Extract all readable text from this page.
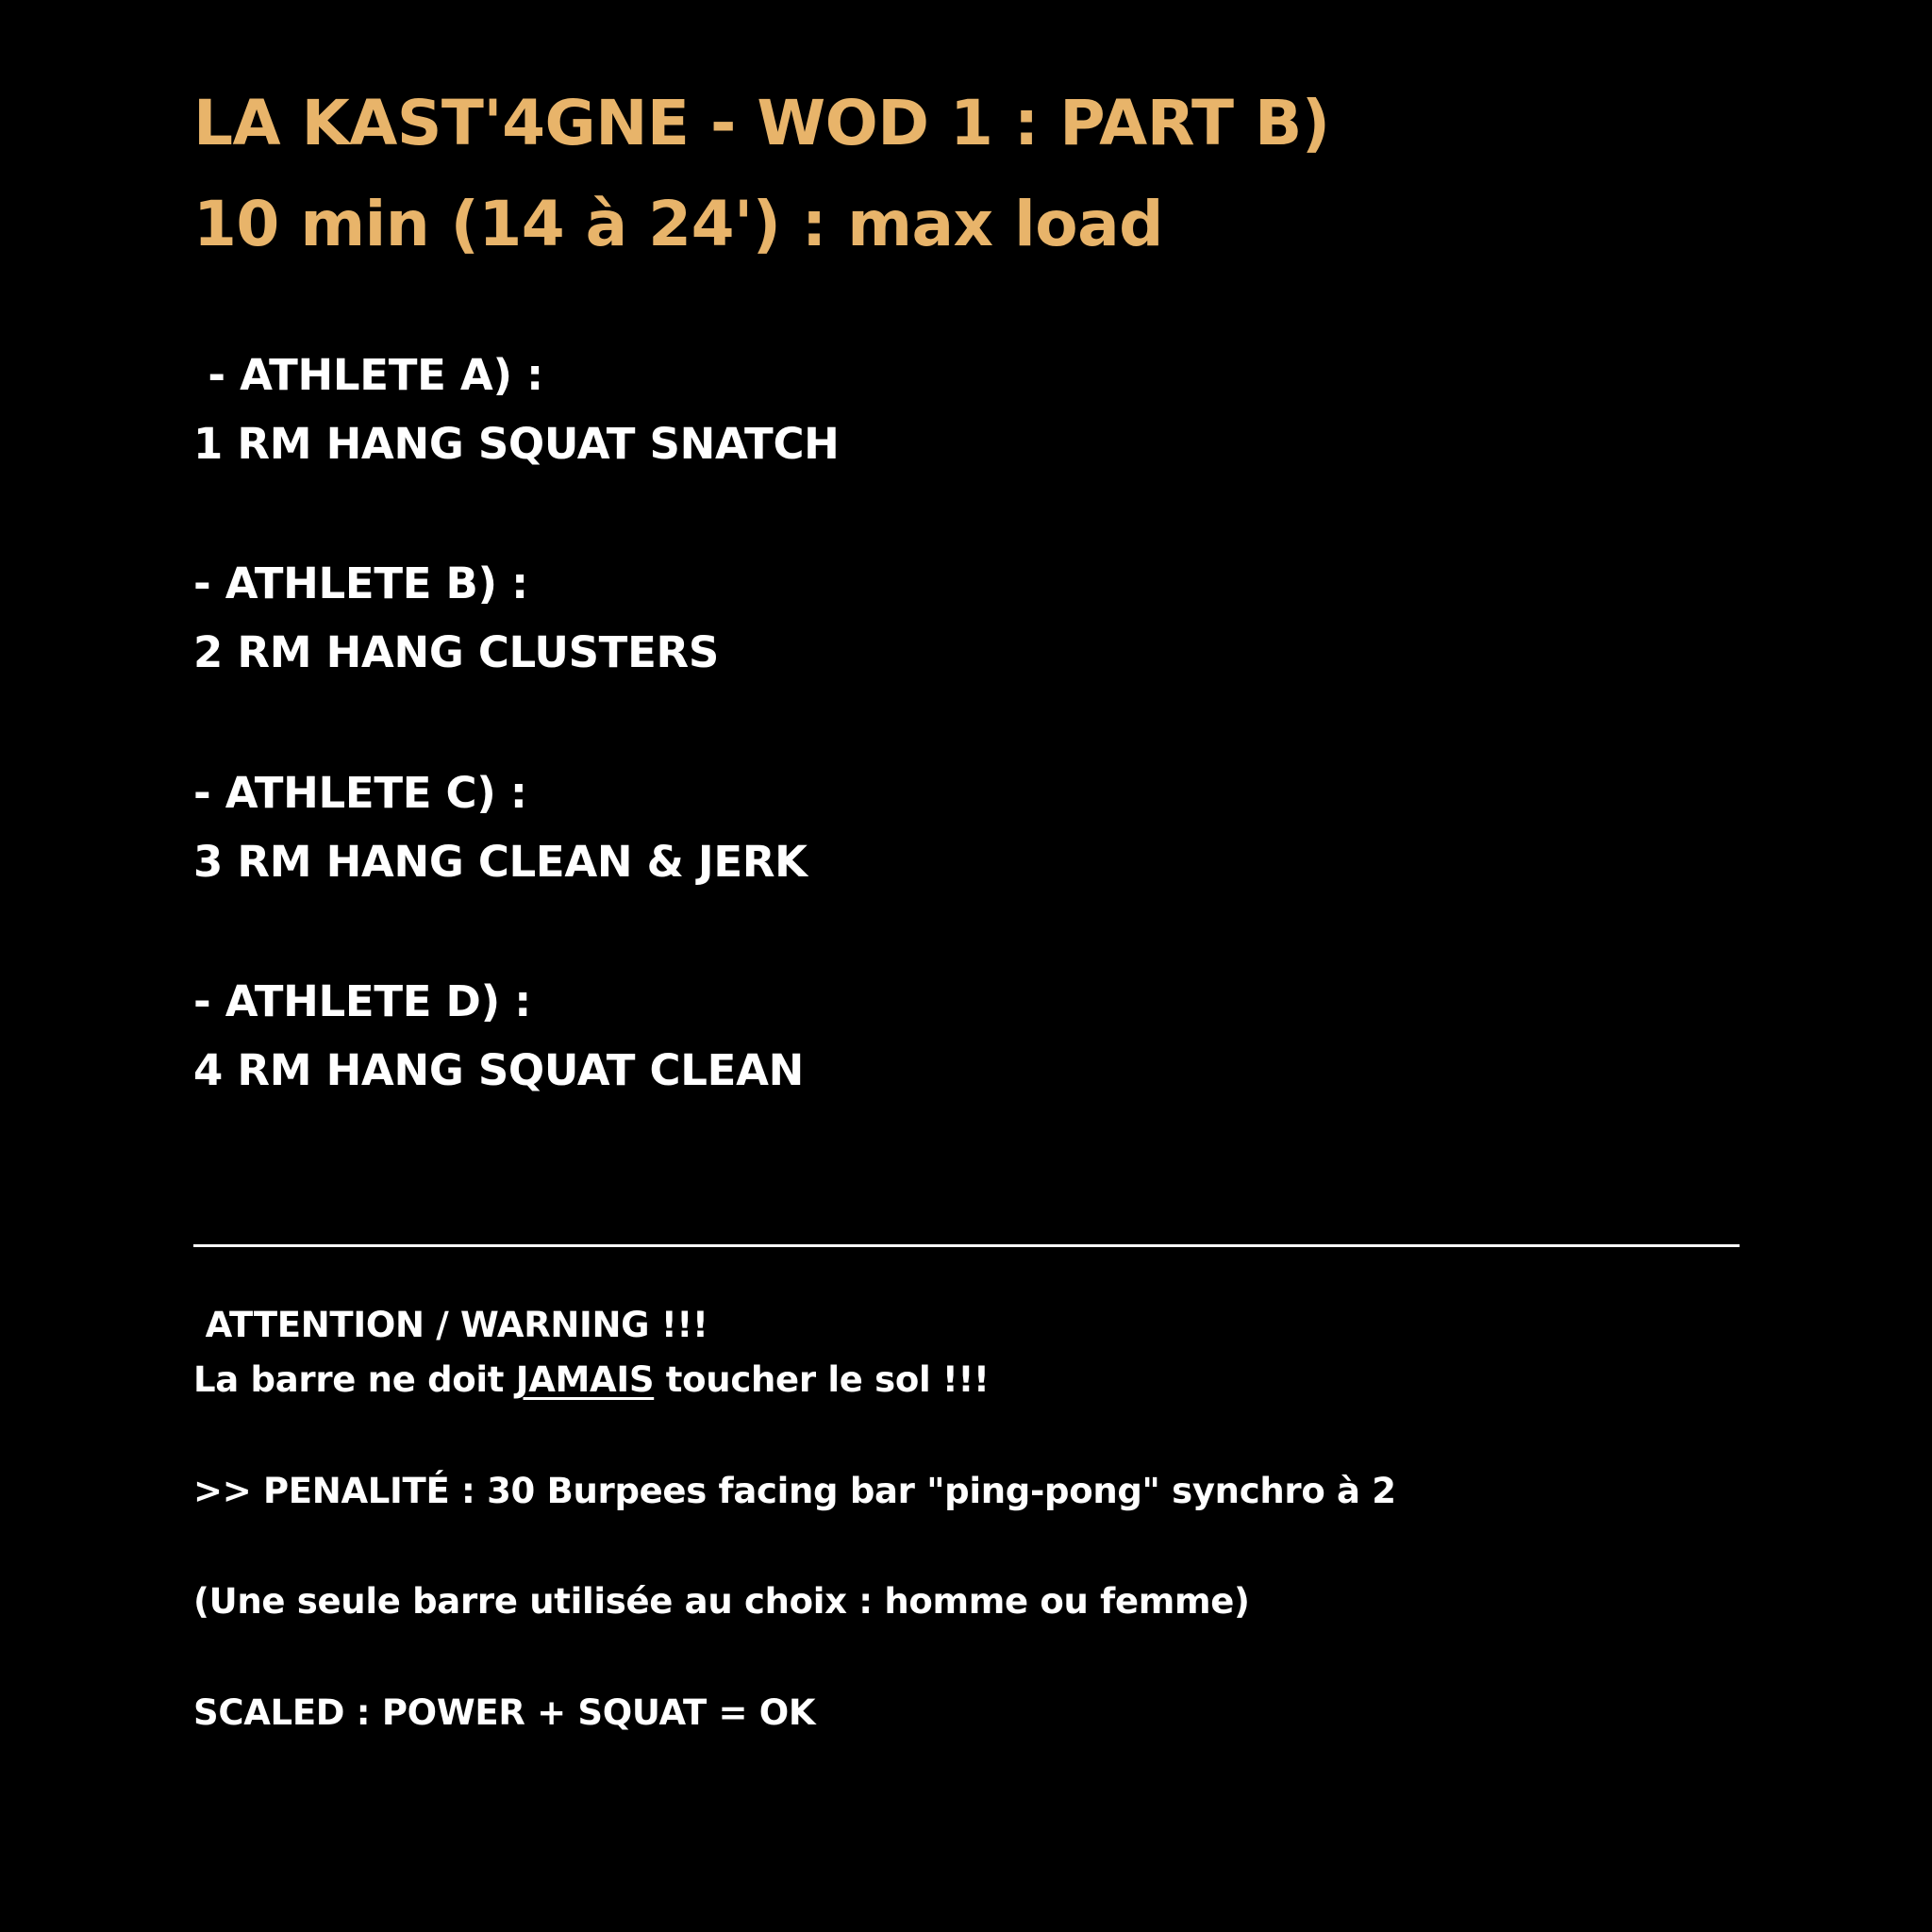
LA KAST'4GNE - WOD 1 : PART B)
10 min (14 à 24') : max load
- ATHLETE A) :
1 RM HANG SQUAT SNATCH
- ATHLETE B) :
2 RM HANG CLUSTERS
- ATHLETE C) :
3 RM HANG CLEAN & JERK
- ATHLETE D) :
4 RM HANG SQUAT CLEAN
ATTENTION / WARNING !!!
La barre ne doit JAMAIS toucher le sol !!!
>> PENALITÉ : 30 Burpees facing bar "ping-pong" synchro à 2
(Une seule barre utilisée au choix : homme ou femme)
SCALED : POWER + SQUAT = OK
